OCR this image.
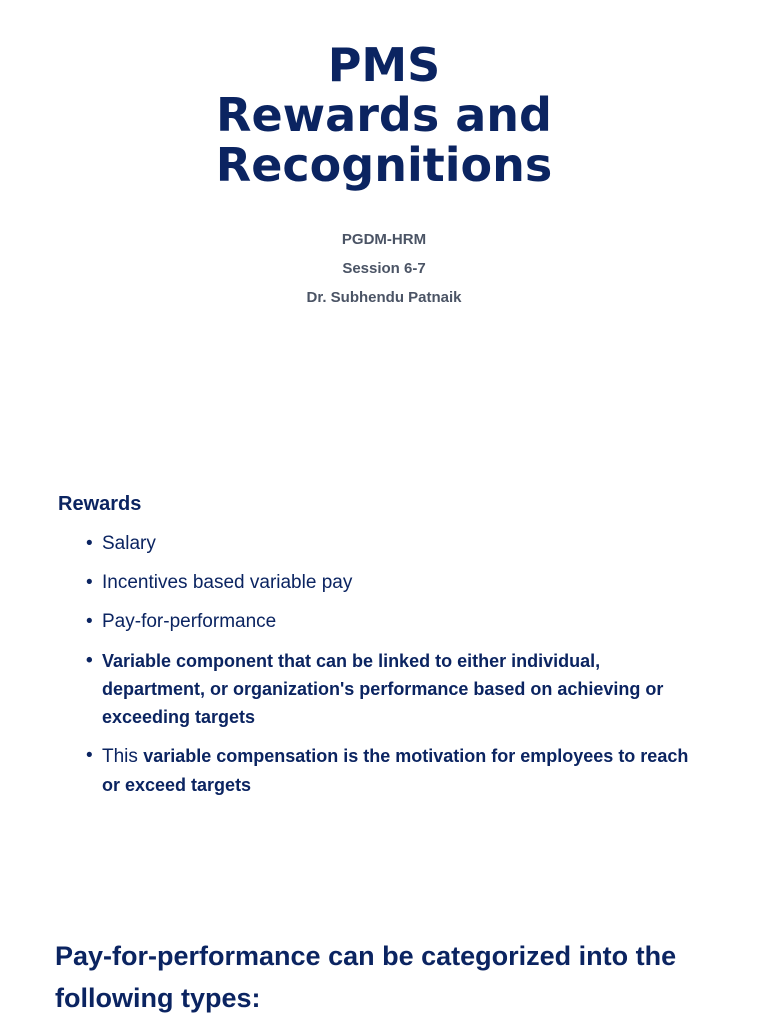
PMS
Rewards and
Recognitions
PGDM-HRM
Session 6-7
Dr. Subhendu Patnaik
Rewards
• Salary
• Incentives based variable pay
• Pay-for-performance
• Variable component that can be linked to either individual, department, or organization's performance based on achieving or exceeding targets
• This variable compensation is the motivation for employees to reach or exceed targets
Pay-for-performance can be categorized into the following types:
